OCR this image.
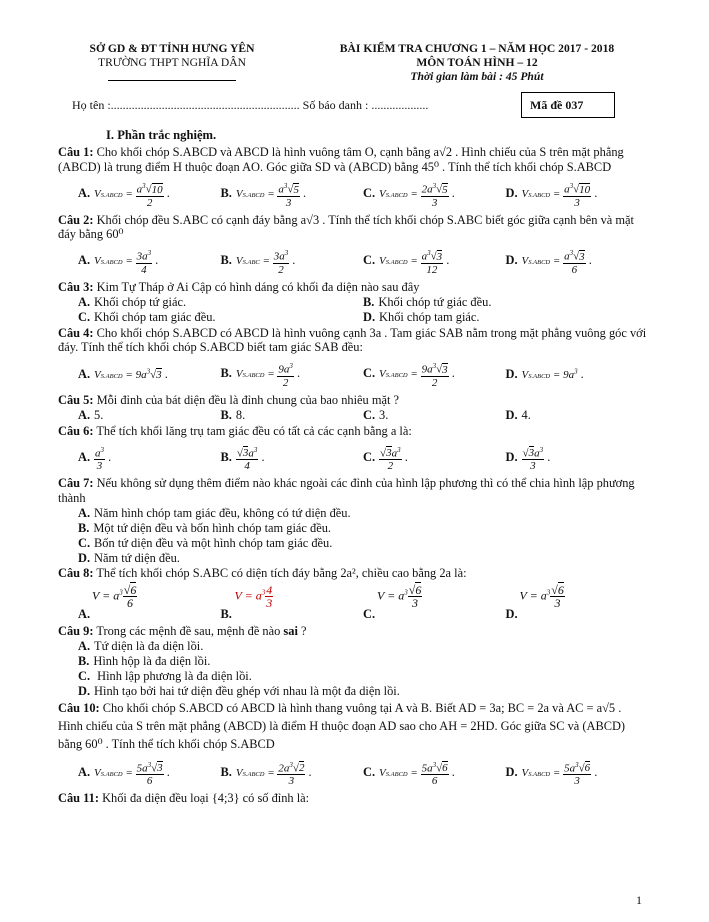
SỞ GD & ĐT TỈNH HƯNG YÊN
TRƯỜNG THPT NGHĨA DÂN
BÀI KIỂM TRA CHƯƠNG 1 – NĂM HỌC 2017 - 2018
MÔN TOÁN HÌNH – 12
Thời gian làm bài : 45 Phút
Họ tên :............................................................... Số báo danh : ...................	Mã đề 037
I. Phần trắc nghiệm.
Câu 1: Cho khối chóp S.ABCD và ABCD là hình vuông tâm O, cạnh bằng a√2 . Hình chiếu của S trên mặt phẳng (ABCD) là trung điểm H thuộc đoạn AO. Góc giữa SD và (ABCD) bằng 45⁰ . Tính thể tích khối chóp S.ABCD
A. VS.ABCD = $\frac{a^3√10}{2}$ .	B. VS.ABCD = $\frac{a^3√5}{3}$ .	C. VS.ABCD = $\frac{2a^3√5}{3}$ .	D. VS.ABCD = $\frac{a^3√10}{3}$ .
Câu 2: Khối chóp đều S.ABC có cạnh đáy bằng a√3 . Tính thể tích khối chóp S.ABC biết góc giữa cạnh bên và mặt đáy bằng 60⁰
A. VS.ABCD = $\frac{3a^3}{4}$ .	B. $VS.ABC = \frac{3a^3}{2}$ .	C. VS.ABCD = $\frac{a^3√3}{12}$ .	D. VS.ABCD = $\frac{a^3√3}{6}$ .
Câu 3: Kim Tự Tháp ở Ai Cập có hình dáng có khối đa diện nào sau đây
A. Khối chóp tứ giác.	B. Khối chóp tứ giác đều.
C. Khối chóp tam giác đều.	D. Khối chóp tam giác.
Câu 4: Cho khối chóp S.ABCD có ABCD là hình vuông cạnh 3a . Tam giác SAB nằm trong mặt phẳng vuông góc với đáy. Tính thể tích khối chóp S.ABCD biết tam giác SAB đều:
A. VS.ABCD = $9a^3√3$ .	B. VS.ABCD = $\frac{9a^3}{2}$ .	C. VS.ABCD = $\frac{9a^3√3}{2}$ .	D. VS.ABCD = $9a^3$ .
Câu 5: Mỗi đỉnh của bát diện đều là đỉnh chung của bao nhiêu mặt ?
A. 5.	B. 8.	C. 3.	D. 4.
Câu 6: Thể tích khối lăng trụ tam giác đều có tất cả các cạnh bằng a là:
A. $\frac{a^3}{3}$ .	B. $\frac{√3a^3}{4}$ .	C. $\frac{√3a^3}{2}$ .	D. $\frac{√3a^3}{3}$ .
Câu 7: Nếu không sử dụng thêm điểm nào khác ngoài các đỉnh của hình lập phương thì có thể chia hình lập phương thành
A. Năm hình chóp tam giác đều, không có tứ diện đều.
B. Một tứ diện đều và bốn hình chóp tam giác đều.
C. Bốn tứ diện đều và một hình chóp tam giác đều.
D. Năm tứ diện đều.
Câu 8: Thể tích khối chóp S.ABC có diện tích đáy bằng 2a², chiều cao bằng 2a là:
A.
$V = a^3 \frac{√6}{6}$
B.
$V = a^3 \frac{4}{3}$
C.
$V = a^3 \frac{√6}{3}$
D.
$V = a^3 \frac{√6}{3}$
Câu 9: Trong các mệnh đề sau, mệnh đề nào sai ?
A. Tứ diện là đa diện lồi.
B. Hình hộp là đa diện lồi.
C. Hình lập phương là đa diện lồi.
D. Hình tạo bởi hai tứ diện đều ghép với nhau là một đa diện lồi.
Câu 10: Cho khối chóp S.ABCD có ABCD là hình thang vuông tại A và B. Biết AD = 3a; BC = 2a và AC = a√5 . Hình chiếu của S trên mặt phẳng (ABCD) là điểm H thuộc đoạn AD sao cho AH = 2HD. Góc giữa SC và (ABCD) bằng 60⁰ . Tính thể tích khối chóp S.ABCD
A. VS.ABCD = $\frac{5a^3√3}{6}$ .	B. VS.ABCD = $\frac{2a^3√2}{3}$ .	C. VS.ABCD = $\frac{5a^3√6}{6}$ .	D. VS.ABCD = $\frac{5a^3√6}{3}$ .
Câu 11: Khối đa diện đều loại {4;3} có số đỉnh là:
1
